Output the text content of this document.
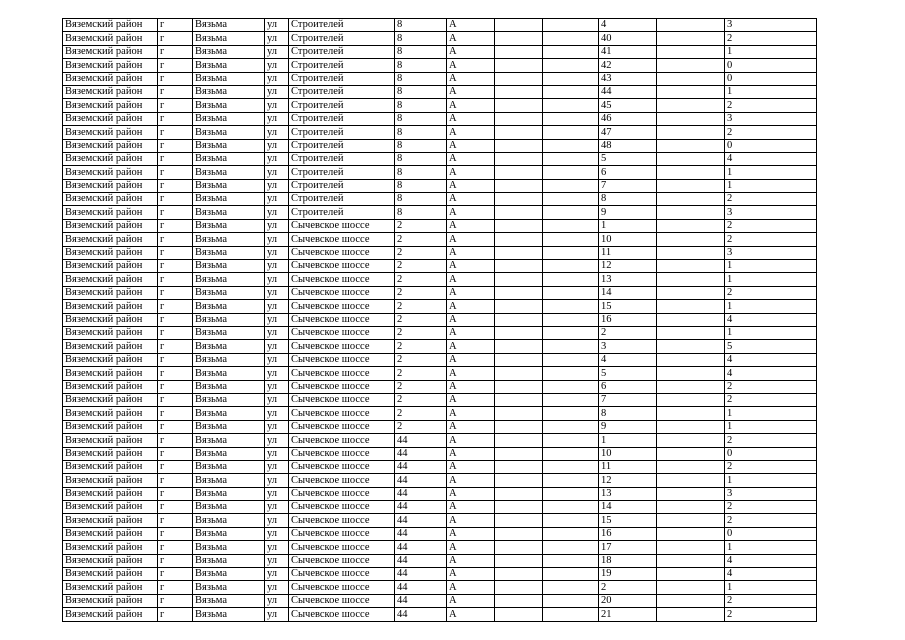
Вяземский район	г	Вязьма	ул	Строителей	8	А			4		3
Вяземский район	г	Вязьма	ул	Строителей	8	А			40		2
Вяземский район	г	Вязьма	ул	Строителей	8	А			41		1
Вяземский район	г	Вязьма	ул	Строителей	8	А			42		0
Вяземский район	г	Вязьма	ул	Строителей	8	А			43		0
Вяземский район	г	Вязьма	ул	Строителей	8	А			44		1
Вяземский район	г	Вязьма	ул	Строителей	8	А			45		2
Вяземский район	г	Вязьма	ул	Строителей	8	А			46		3
Вяземский район	г	Вязьма	ул	Строителей	8	А			47		2
Вяземский район	г	Вязьма	ул	Строителей	8	А			48		0
Вяземский район	г	Вязьма	ул	Строителей	8	А			5		4
Вяземский район	г	Вязьма	ул	Строителей	8	А			6		1
Вяземский район	г	Вязьма	ул	Строителей	8	А			7		1
Вяземский район	г	Вязьма	ул	Строителей	8	А			8		2
Вяземский район	г	Вязьма	ул	Строителей	8	А			9		3
Вяземский район	г	Вязьма	ул	Сычевское шоссе	2	А			1		2
Вяземский район	г	Вязьма	ул	Сычевское шоссе	2	А			10		2
Вяземский район	г	Вязьма	ул	Сычевское шоссе	2	А			11		3
Вяземский район	г	Вязьма	ул	Сычевское шоссе	2	А			12		1
Вяземский район	г	Вязьма	ул	Сычевское шоссе	2	А			13		1
Вяземский район	г	Вязьма	ул	Сычевское шоссе	2	А			14		2
Вяземский район	г	Вязьма	ул	Сычевское шоссе	2	А			15		1
Вяземский район	г	Вязьма	ул	Сычевское шоссе	2	А			16		4
Вяземский район	г	Вязьма	ул	Сычевское шоссе	2	А			2		1
Вяземский район	г	Вязьма	ул	Сычевское шоссе	2	А			3		5
Вяземский район	г	Вязьма	ул	Сычевское шоссе	2	А			4		4
Вяземский район	г	Вязьма	ул	Сычевское шоссе	2	А			5		4
Вяземский район	г	Вязьма	ул	Сычевское шоссе	2	А			6		2
Вяземский район	г	Вязьма	ул	Сычевское шоссе	2	А			7		2
Вяземский район	г	Вязьма	ул	Сычевское шоссе	2	А			8		1
Вяземский район	г	Вязьма	ул	Сычевское шоссе	2	А			9		1
Вяземский район	г	Вязьма	ул	Сычевское шоссе	44	А			1		2
Вяземский район	г	Вязьма	ул	Сычевское шоссе	44	А			10		0
Вяземский район	г	Вязьма	ул	Сычевское шоссе	44	А			11		2
Вяземский район	г	Вязьма	ул	Сычевское шоссе	44	А			12		1
Вяземский район	г	Вязьма	ул	Сычевское шоссе	44	А			13		3
Вяземский район	г	Вязьма	ул	Сычевское шоссе	44	А			14		2
Вяземский район	г	Вязьма	ул	Сычевское шоссе	44	А			15		2
Вяземский район	г	Вязьма	ул	Сычевское шоссе	44	А			16		0
Вяземский район	г	Вязьма	ул	Сычевское шоссе	44	А			17		1
Вяземский район	г	Вязьма	ул	Сычевское шоссе	44	А			18		4
Вяземский район	г	Вязьма	ул	Сычевское шоссе	44	А			19		4
Вяземский район	г	Вязьма	ул	Сычевское шоссе	44	А			2		1
Вяземский район	г	Вязьма	ул	Сычевское шоссе	44	А			20		2
Вяземский район	г	Вязьма	ул	Сычевское шоссе	44	А			21		2
